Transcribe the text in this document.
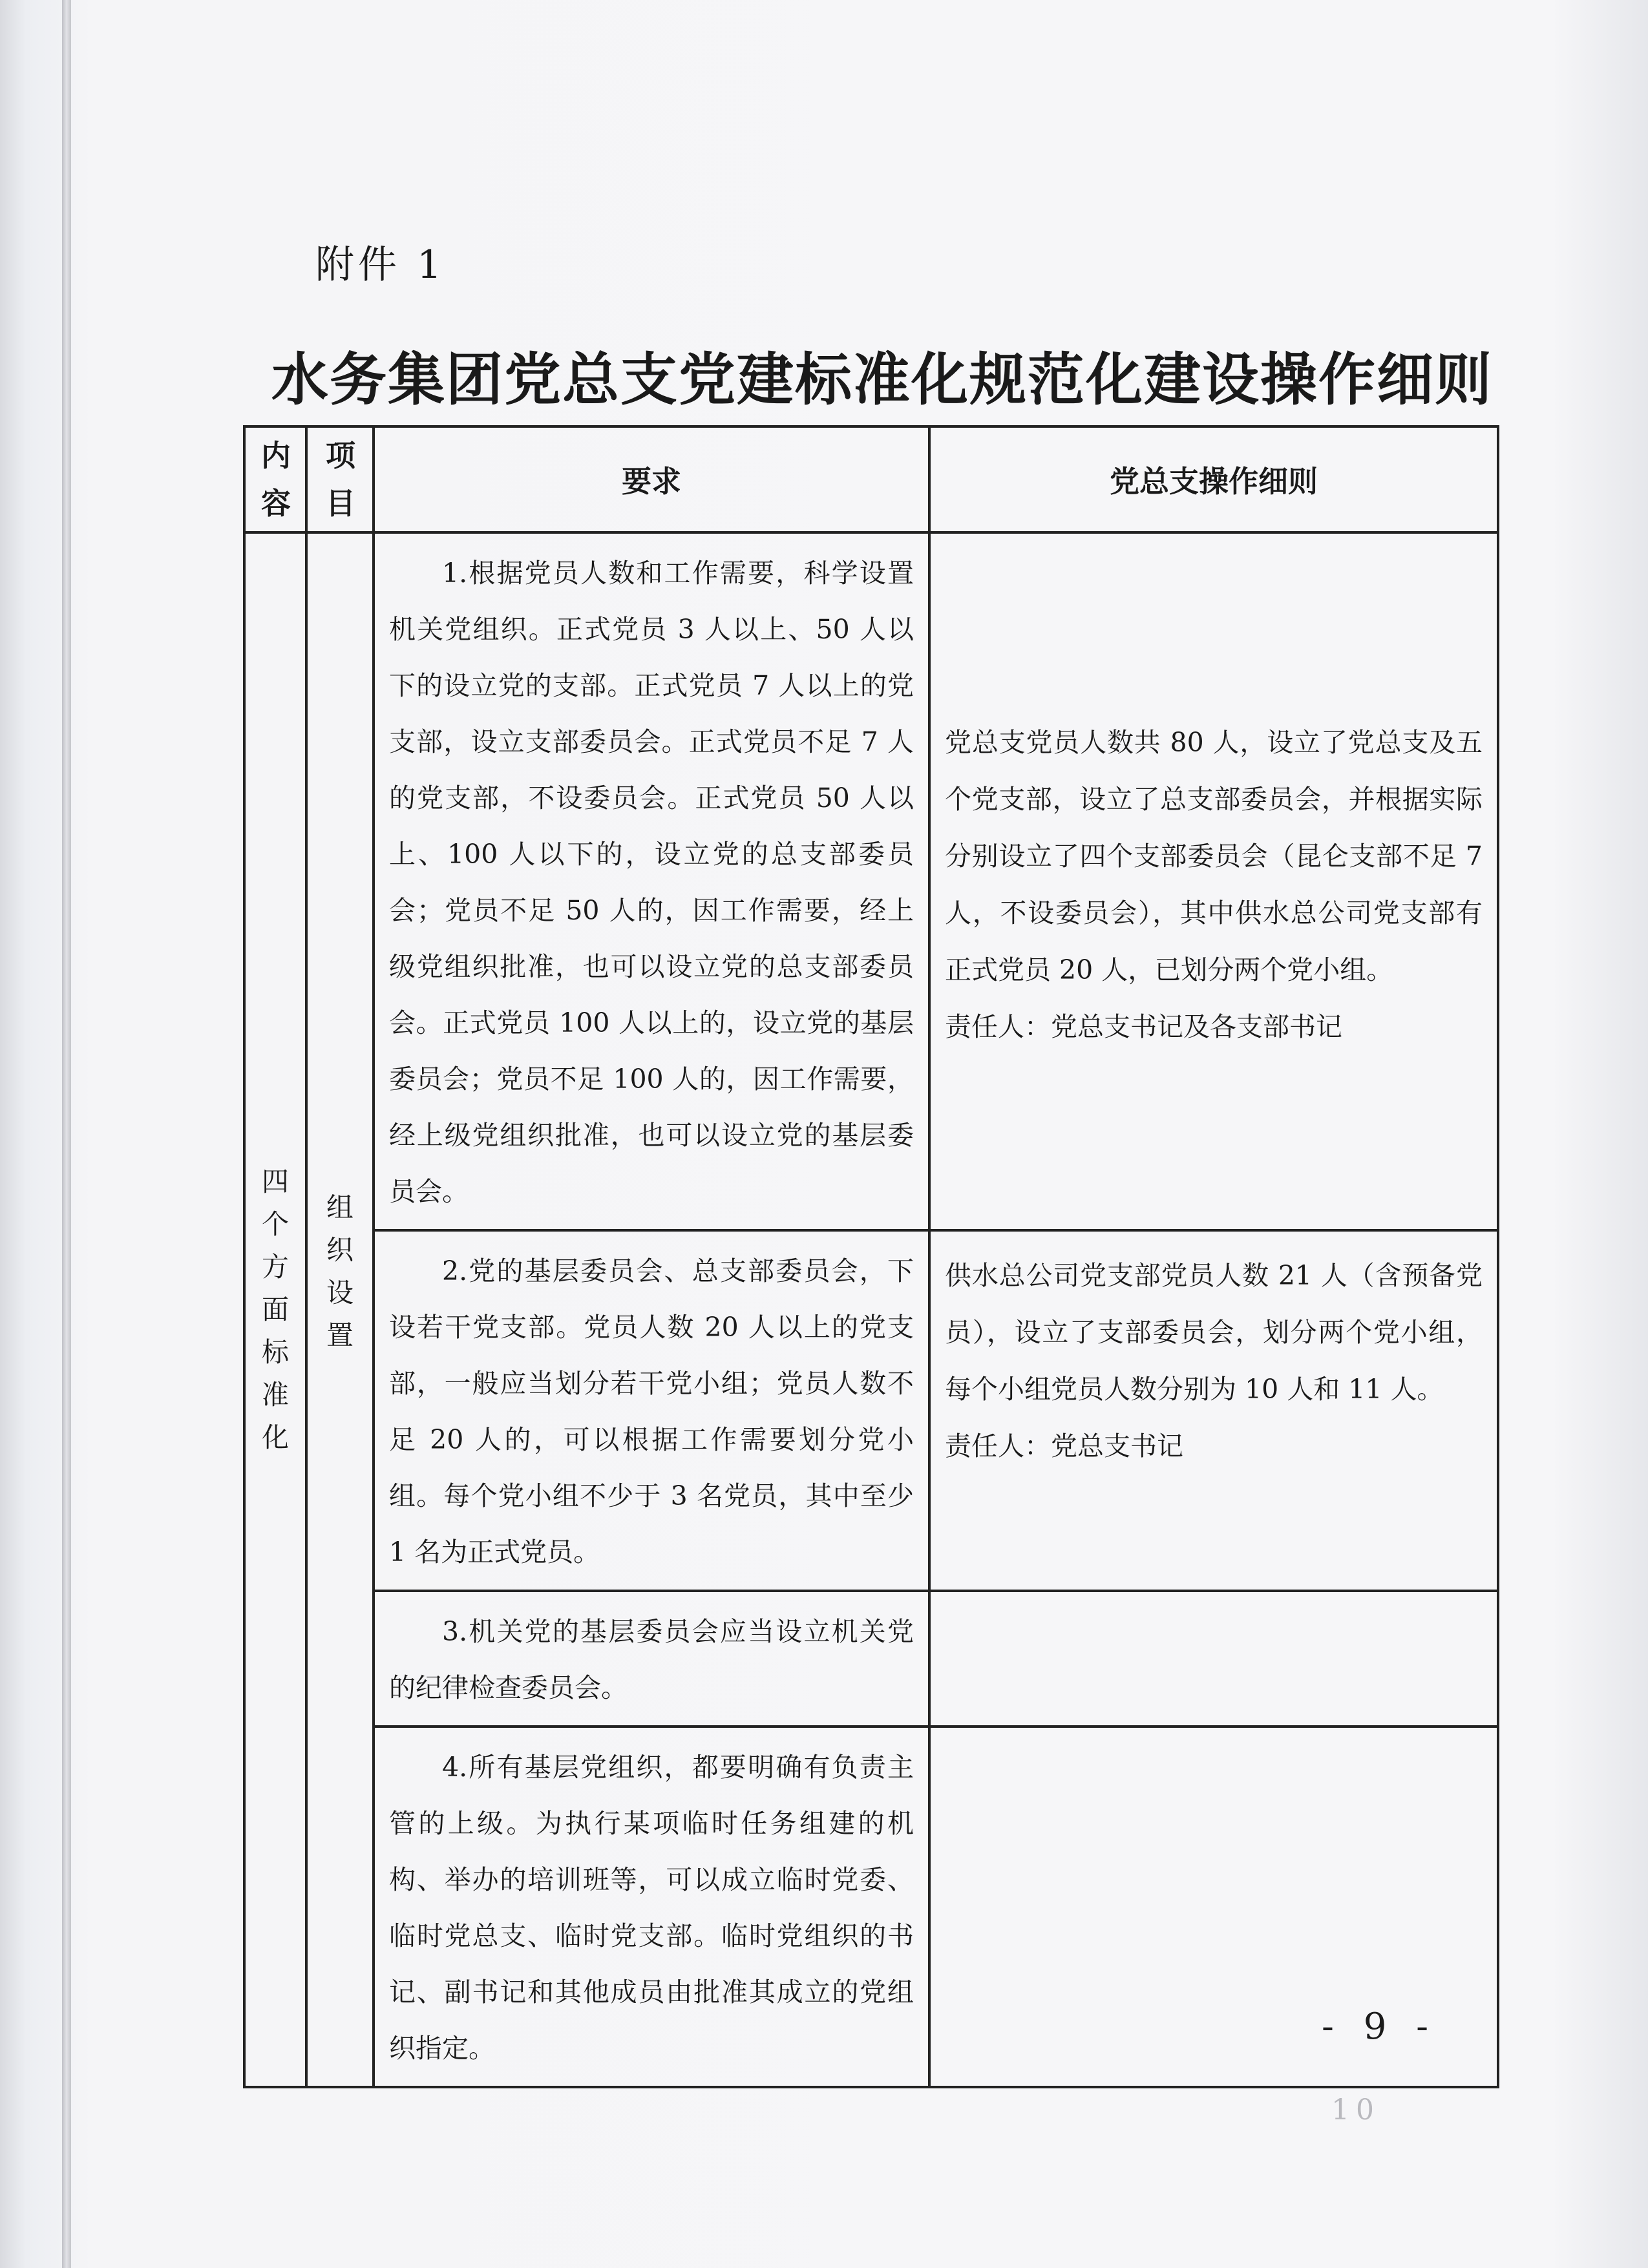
附件 1
水务集团党总支党建标准化规范化建设操作细则
内容	项目	要求	党总支操作细则
四个方面标准化	组织设置	1.根据党员人数和工作需要，科学设置机关党组织。正式党员 3 人以上、50 人以下的设立党的支部。正式党员 7 人以上的党支部，设立支部委员会。正式党员不足 7 人的党支部，不设委员会。正式党员 50 人以上、100 人以下的，设立党的总支部委员会；党员不足 50 人的，因工作需要，经上级党组织批准，也可以设立党的总支部委员会。正式党员 100 人以上的，设立党的基层委员会；党员不足 100 人的，因工作需要，经上级党组织批准，也可以设立党的基层委员会。	党总支党员人数共 80 人，设立了党总支及五个党支部，设立了总支部委员会，并根据实际分别设立了四个支部委员会（昆仑支部不足 7 人，不设委员会），其中供水总公司党支部有正式党员 20 人，已划分两个党小组。

责任人：党总支书记及各支部书记

		2.党的基层委员会、总支部委员会，下设若干党支部。党员人数 20 人以上的党支部，一般应当划分若干党小组；党员人数不足 20 人的，可以根据工作需要划分党小组。每个党小组不少于 3 名党员，其中至少 1 名为正式党员。	供水总公司党支部党员人数 21 人（含预备党员），设立了支部委员会，划分两个党小组，每个小组党员人数分别为 10 人和 11 人。

责任人：党总支书记

		3.机关党的基层委员会应当设立机关党的纪律检查委员会。	

		4.所有基层党组织，都要明确有负责主管的上级。为执行某项临时任务组建的机构、举办的培训班等，可以成立临时党委、临时党总支、临时党支部。临时党组织的书记、副书记和其他成员由批准其成立的党组织指定。	

- 9 -
10
